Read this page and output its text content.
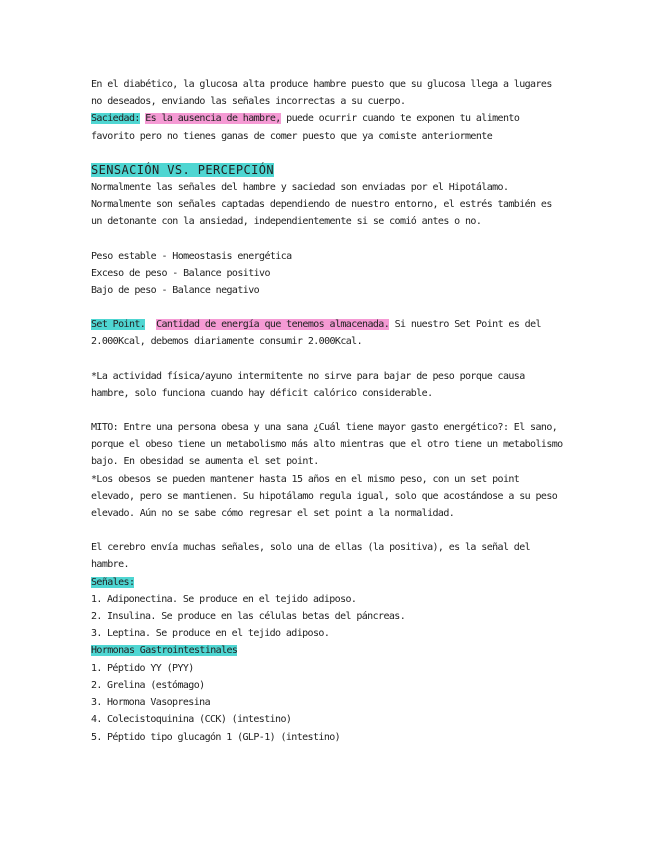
En el diabético, la glucosa alta produce hambre puesto que su glucosa llega a lugares no deseados, enviando las señales incorrectas a su cuerpo.

Saciedad: Es la ausencia de hambre, puede ocurrir cuando te exponen tu alimento favorito pero no tienes ganas de comer puesto que ya comiste anteriormente

SENSACIÓN VS. PERCEPCIÓN

Normalmente las señales del hambre y saciedad son enviadas por el Hipotálamo. Normalmente son señales captadas dependiendo de nuestro entorno, el estrés también es un detonante con la ansiedad, independientemente si se comió antes o no.

Peso estable - Homeostasis energética

Exceso de peso - Balance positivo

Bajo de peso - Balance negativo

Set Point. Cantidad de energía que tenemos almacenada. Si nuestro Set Point es del 2.000Kcal, debemos diariamente consumir 2.000Kcal.

*La actividad física/ayuno intermitente no sirve para bajar de peso porque causa hambre, solo funciona cuando hay déficit calórico considerable.

MITO: Entre una persona obesa y una sana ¿Cuál tiene mayor gasto energético?: El sano, porque el obeso tiene un metabolismo más alto mientras que el otro tiene un metabolismo bajo. En obesidad se aumenta el set point.

*Los obesos se pueden mantener hasta 15 años en el mismo peso, con un set point elevado, pero se mantienen. Su hipotálamo regula igual, solo que acostándose a su peso elevado. Aún no se sabe cómo regresar el set point a la normalidad.

El cerebro envía muchas señales, solo una de ellas (la positiva), es la señal del hambre.

Señales:

1. Adiponectina. Se produce en el tejido adiposo.
2. Insulina. Se produce en las células betas del páncreas.
3. Leptina. Se produce en el tejido adiposo.

Hormonas Gastrointestinales

1. Péptido YY (PYY)
2. Grelina (estómago)
3. Hormona Vasopresina
4. Colecistoquinina (CCK) (intestino)
5. Péptido tipo glucagón 1 (GLP-1) (intestino)
